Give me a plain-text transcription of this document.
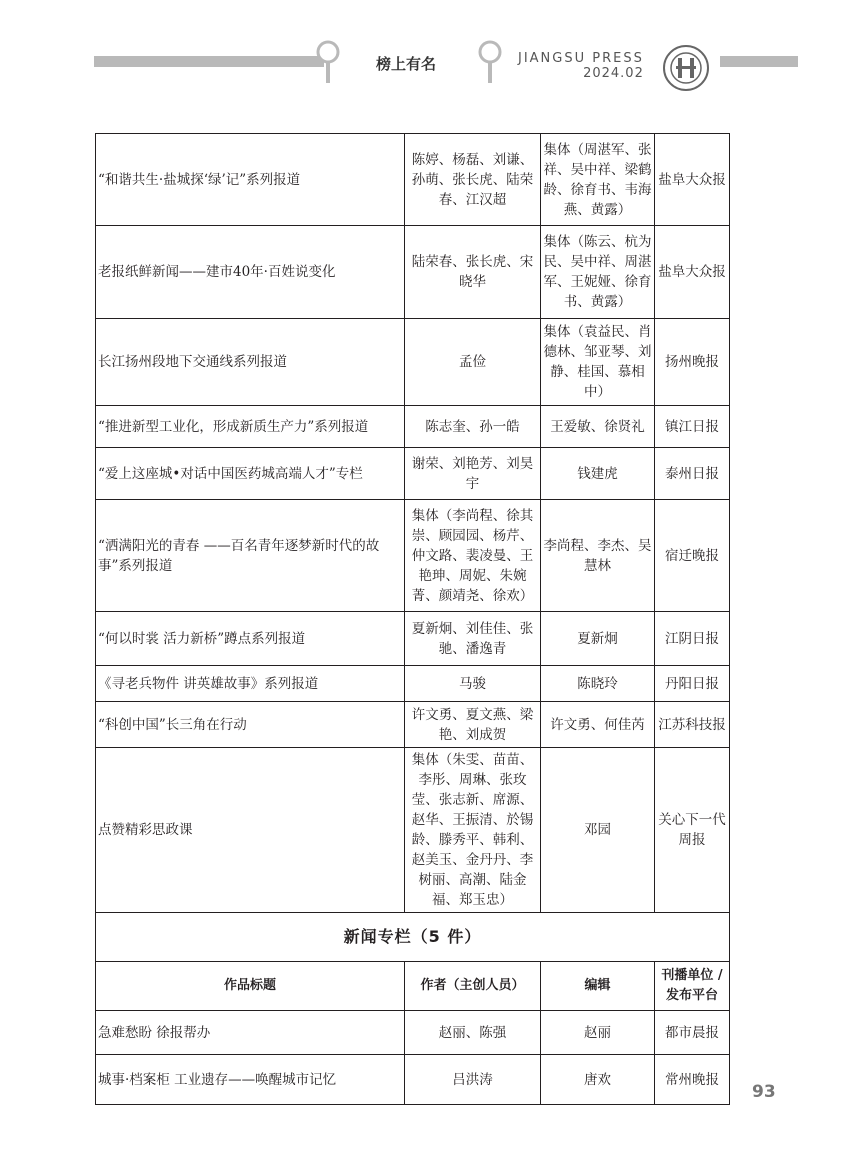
榜上有名	JIANGSU PRESS
2024.02
“和谐共生·盐城探‘绿’记”系列报道	陈婷、杨磊、刘谦、孙萌、张长虎、陆荣春、江汉超	集体（周湛军、张祥、吴中祥、梁鹤龄、徐育书、韦海燕、黄露）	盐阜大众报
老报纸鲜新闻——建市40年·百姓说变化	陆荣春、张长虎、宋晓华	集体（陈云、杭为民、吴中祥、周湛军、王妮娅、徐育书、黄露）	盐阜大众报
长江扬州段地下交通线系列报道	孟俭	集体（袁益民、肖德林、邹亚琴、刘静、桂国、慕相中）	扬州晚报
“推进新型工业化，形成新质生产力”系列报道	陈志奎、孙一皓	王爱敏、徐贤礼	镇江日报
“爱上这座城•对话中国医药城高端人才”专栏	谢荣、刘艳芳、刘昊宇	钱建虎	泰州日报
“洒满阳光的青春 ——百名青年逐梦新时代的故事”系列报道	集体（李尚程、徐其崇、顾园园、杨芹、仲文路、裴凌曼、王艳珅、周妮、朱婉菁、颜靖尧、徐欢）	李尚程、李杰、吴慧林	宿迁晚报
“何以时裳 活力新桥”蹲点系列报道	夏新炯、刘佳佳、张驰、潘逸青	夏新炯	江阴日报
《寻老兵物件 讲英雄故事》系列报道	马骏	陈晓玲	丹阳日报
“科创中国”长三角在行动	许文勇、夏文燕、梁艳、刘成贺	许文勇、何佳芮	江苏科技报
点赞精彩思政课	集体（朱雯、苗苗、李彤、周琳、张玫莹、张志新、席源、赵华、王振清、於锡龄、滕秀平、韩利、赵美玉、金丹丹、李树丽、高潮、陆金福、郑玉忠）	邓园	关心下一代周报
新闻专栏（5 件）			
作品标题	作者（主创人员）	编辑	刊播单位 / 发布平台
急难愁盼 徐报帮办	赵丽、陈强	赵丽	都市晨报
城事·档案柜 工业遗存——唤醒城市记忆	吕洪涛	唐欢	常州晚报
93
